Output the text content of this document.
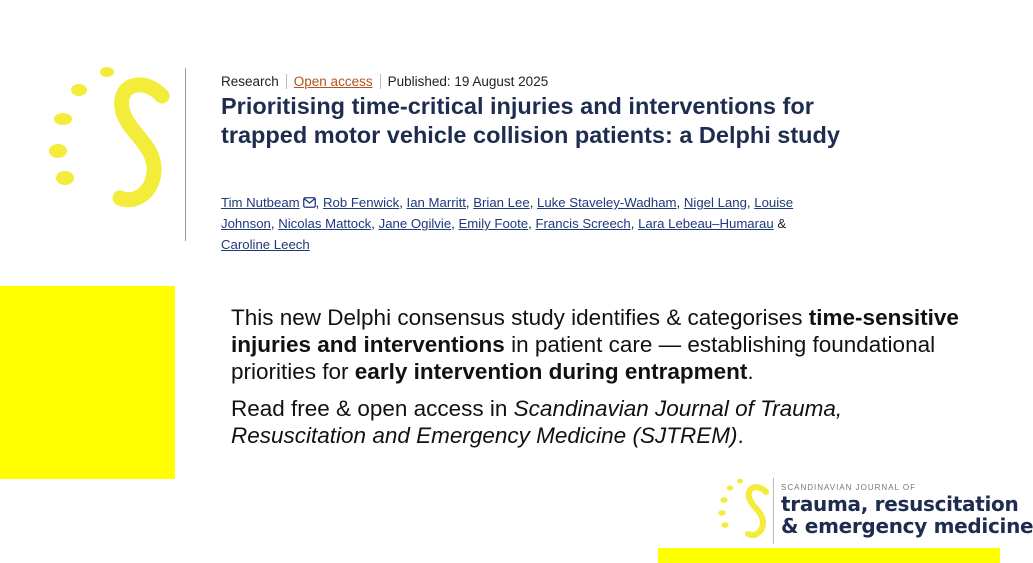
Research Open access Published: 19 August 2025
Prioritising time-critical injuries and interventions for trapped motor vehicle collision patients: a Delphi study
Tim Nutbeam , Rob Fenwick, Ian Marritt, Brian Lee, Luke Staveley-Wadham, Nigel Lang, Louise Johnson, Nicolas Mattock, Jane Ogilvie, Emily Foote, Francis Screech, Lara Lebeau–Humarau & Caroline Leech

This new Delphi consensus study identifies & categorises time-sensitive injuries and interventions in patient care — establishing foundational priorities for early intervention during entrapment.

Read free & open access in Scandinavian Journal of Trauma, Resuscitation and Emergency Medicine (SJTREM).

SCANDINAVIAN JOURNAL OF
trauma, resuscitation
& emergency medicine
